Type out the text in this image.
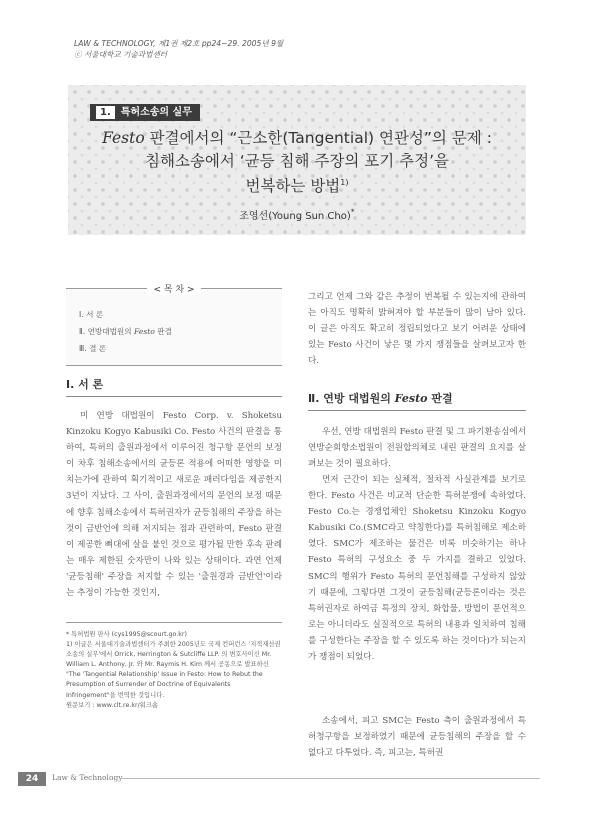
LAW & TECHNOLOGY, 제1권 제2호 pp24~29. 2005년 9월
ⓒ 서울대학교 기술과법센터
1. 특허소송의 실무
Festo 판결에서의 “근소한(Tangential) 연관성”의 문제 :
침해소송에서 ‘균등 침해 주장의 포기 추정’을
번복하는 방법$^{1)}$
조영선(Young Sun Cho)*
< 목 차 >
Ⅰ. 서 론
Ⅱ. 연방대법원의 Festo 판결
Ⅲ. 결 론
Ⅰ. 서 론

미 연방 대법원이 Festo Corp. v. Shoketsu Kinzoku Kogyo Kabusiki Co. Festo 사건의 판결을 통하여, 특허의 출원과정에서 이루어진 청구항 문언의 보정이 차후 침해소송에서의 균등론 적용에 어떠한 영향을 미치는가에 관하여 획기적이고 새로운 패러다임을 제공한지 3년이 지났다. 그 사이, 출원과정에서의 문언의 보정 때문에 향후 침해소송에서 특허권자가 균등침해의 주장을 하는 것이 금반언에 의해 저지되는 점과 관련하여, Festo 판결이 제공한 뼈대에 살을 붙인 것으로 평가될 만한 후속 판례는 매우 제한된 숫자만이 나와 있는 상태이다. 과연 언제 '균등침해' 주장을 저지할 수 있는 '출원경과 금반언'이라는 추정이 가능한 것인지,

그리고 언제 그와 같은 추정이 번복될 수 있는지에 관하여는 아직도 명확히 밝혀져야 할 부분들이 많이 남아 있다. 이 글은 아직도 확고히 정립되었다고 보기 어려운 상태에 있는 Festo 사건이 낳은 몇 가지 쟁점들을 살펴보고자 한다.

Ⅱ. 연방 대법원의 Festo 판결

우선, 연방 대법원의 Festo 판결 및 그 파기환송심에서 연방순회항소법원이 전원합의체로 내린 판결의 요지를 살펴보는 것이 필요하다.

먼저 근간이 되는 실체적, 절차적 사실관계를 보기로 한다. Festo 사건은 비교적 단순한 특허분쟁에 속하였다. Festo Co.는 경쟁업체인 Shoketsu Kinzoku Kogyo Kabusiki Co.(SMC라고 약칭한다)를 특허침해로 제소하였다. SMC가 제조하는 물건은 비록 비슷하기는 하나 Festo 특허의 구성요소 중 두 가지를 결하고 있었다. SMC의 행위가 Festo 특허의 문언침해를 구성하지 않았기 때문에, 그렇다면 그것이 균등침해(균등론이라는 것은 특허권자로 하여금 특정의 장치, 화합물, 방법이 문언적으로는 아니더라도 실질적으로 특허의 내용과 일치하여 침해를 구성한다는 주장을 할 수 있도록 하는 것이다)가 되는지가 쟁점이 되었다.

소송에서, 피고 SMC는 Festo 측이 출원과정에서 특허청구항을 보정하였기 때문에 균등침해의 주장을 할 수 없다고 다투었다. 즉, 피고는, 특허권

* 특허법원 판사 (cys1995@scourt.go.kr)

1) 이글은 서울대기술과법센터가 주최한 2005년도 국제 컨퍼런스 '지적재산권 소송의 실무'에서 Orrick, Herrington & Sutcliffe LLP. 의 변호사이신 Mr. William L. Anthony, Jr. 와 Mr. Raymis H. Kim 께서 공동으로 발표하신 "The 'Tangential Relationship' Issue in Festo: How to Rebut the Presumption of Surrender of Doctrine of Equivalents Infringement"을 번역한 것입니다.

원문보기 : www.clt.re.kr/워크숍

24	Law & Technology
